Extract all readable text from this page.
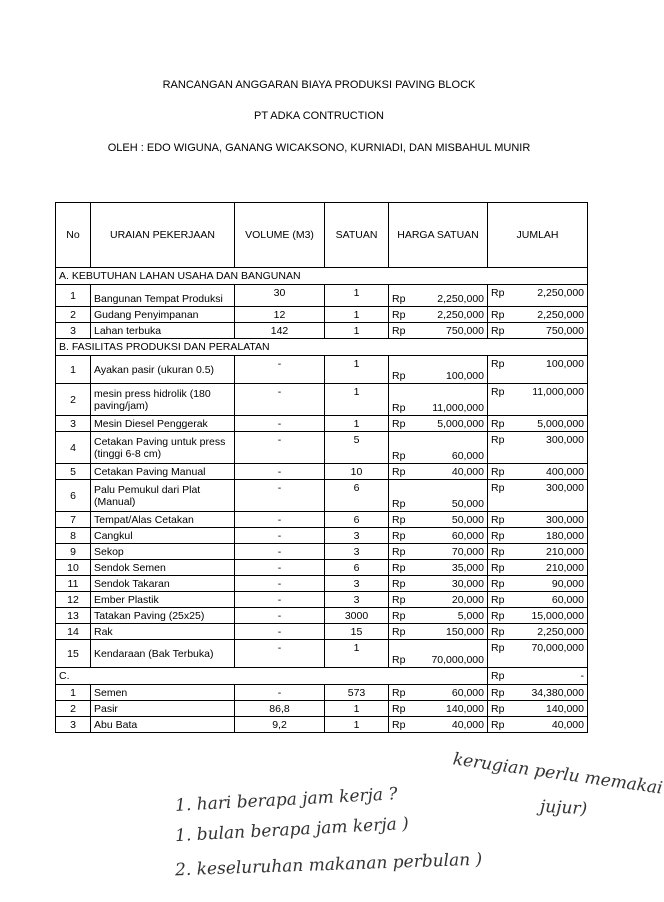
RANCANGAN ANGGARAN BIAYA PRODUKSI PAVING BLOCK
PT ADKA CONTRUCTION
OLEH : EDO WIGUNA, GANANG WICAKSONO, KURNIADI, DAN MISBAHUL MUNIR
No	URAIAN PEKERJAAN	VOLUME (M3)	SATUAN	HARGA SATUAN	JUMLAH
A. KEBUTUHAN LAHAN USAHA DAN BANGUNAN					
1	Bangunan Tempat Produksi	30	1	Rp 2,250,000	Rp 2,250,000

2	Gudang Penyimpanan	12	1	Rp 2,250,000	Rp 2,250,000

3	Lahan terbuka	142	1	Rp 750,000	Rp 750,000

B. FASILITAS PRODUKSI DAN PERALATAN					
1	Ayakan pasir (ukuran 0.5)	-	1	Rp 100,000	Rp 100,000

2	mesin press hidrolik (180 paving/jam)	-	1	Rp 11,000,000	Rp 11,000,000

3	Mesin Diesel Penggerak	-	1	Rp 5,000,000	Rp 5,000,000

4	Cetakan Paving untuk press (tinggi 6-8 cm)	-	5	Rp 60,000	Rp 300,000

5	Cetakan Paving Manual	-	10	Rp 40,000	Rp 400,000

6	Palu Pemukul dari Plat (Manual)	-	6	Rp 50,000	Rp 300,000

7	Tempat/Alas Cetakan	-	6	Rp 50,000	Rp 300,000

8	Cangkul	-	3	Rp 60,000	Rp 180,000

9	Sekop	-	3	Rp 70,000	Rp 210,000

10	Sendok Semen	-	6	Rp 35,000	Rp 210,000

11	Sendok Takaran	-	3	Rp 30,000	Rp 90,000

12	Ember Plastik	-	3	Rp 20,000	Rp 60,000

13	Tatakan Paving (25x25)	-	3000	Rp 5,000	Rp 15,000,000

14	Rak	-	15	Rp 150,000	Rp 2,250,000

15	Kendaraan (Bak Terbuka)	-	1	Rp 70,000,000	Rp 70,000,000

C.					Rp -

1	Semen	-	573	Rp 60,000	Rp 34,380,000

2	Pasir	86,8	1	Rp 140,000	Rp 140,000

3	Abu Bata	9,2	1	Rp 40,000	Rp 40,000
kerugian perlu memakai
jujur)
1. hari berapa jam kerja ?
1. bulan berapa jam kerja )
2. keseluruhan makanan perbulan )
